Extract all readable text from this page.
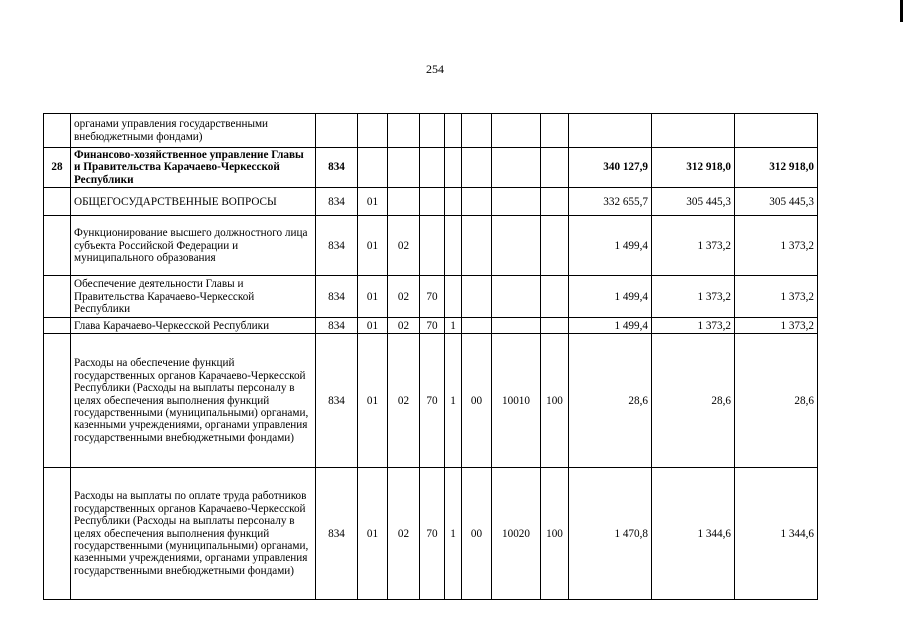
254
	органами управления государственными внебюджетными фондами)											
28	Финансово-хозяйственное управление Главы и Правительства Карачаево-Черкесской Республики	834								340 127,9	312 918,0	312 918,0
	ОБЩЕГОСУДАРСТВЕННЫЕ ВОПРОСЫ	834	01							332 655,7	305 445,3	305 445,3
	Функционирование высшего должностного лица субъекта Российской Федерации и муниципального образования	834	01	02						1 499,4	1 373,2	1 373,2
	Обеспечение деятельности Главы и Правительства Карачаево-Черкесской Республики	834	01	02	70					1 499,4	1 373,2	1 373,2
	Глава Карачаево-Черкесской Республики	834	01	02	70	1				1 499,4	1 373,2	1 373,2
	Расходы на обеспечение функций государственных органов Карачаево-Черкесской Республики (Расходы на выплаты персоналу в целях обеспечения выполнения функций государственными (муниципальными) органами, казенными учреждениями, органами управления государственными внебюджетными фондами)	834	01	02	70	1	00	10010	100	28,6	28,6	28,6
	Расходы на выплаты по оплате труда работников государственных органов Карачаево-Черкесской Республики (Расходы на выплаты персоналу в целях обеспечения выполнения функций государственными (муниципальными) органами, казенными учреждениями, органами управления государственными внебюджетными фондами)	834	01	02	70	1	00	10020	100	1 470,8	1 344,6	1 344,6
